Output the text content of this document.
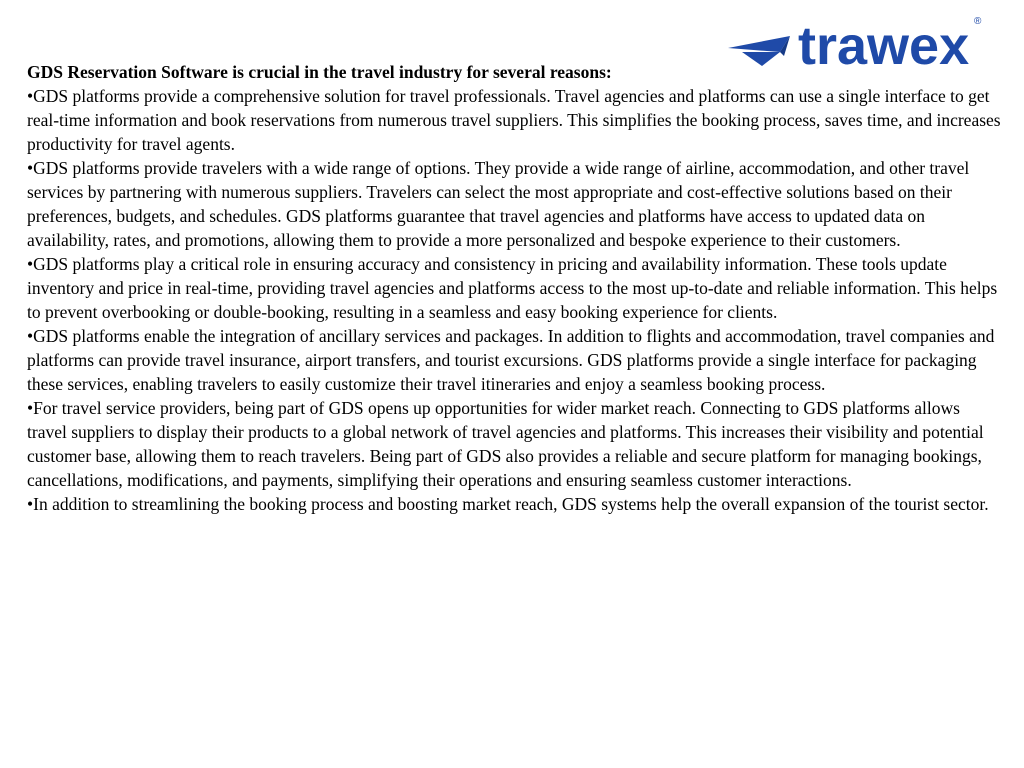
trawex ®

GDS Reservation Software is crucial in the travel industry for several reasons:

•GDS platforms provide a comprehensive solution for travel professionals. Travel agencies and platforms can use a single interface to get real-time information and book reservations from numerous travel suppliers. This simplifies the booking process, saves time, and increases productivity for travel agents.

•GDS platforms provide travelers with a wide range of options. They provide a wide range of airline, accommodation, and other travel services by partnering with numerous suppliers. Travelers can select the most appropriate and cost-effective solutions based on their preferences, budgets, and schedules. GDS platforms guarantee that travel agencies and platforms have access to updated data on availability, rates, and promotions, allowing them to provide a more personalized and bespoke experience to their customers.

•GDS platforms play a critical role in ensuring accuracy and consistency in pricing and availability information. These tools update inventory and price in real-time, providing travel agencies and platforms access to the most up-to-date and reliable information. This helps to prevent overbooking or double-booking, resulting in a seamless and easy booking experience for clients.

•GDS platforms enable the integration of ancillary services and packages. In addition to flights and accommodation, travel companies and platforms can provide travel insurance, airport transfers, and tourist excursions. GDS platforms provide a single interface for packaging these services, enabling travelers to easily customize their travel itineraries and enjoy a seamless booking process.

•For travel service providers, being part of GDS opens up opportunities for wider market reach. Connecting to GDS platforms allows travel suppliers to display their products to a global network of travel agencies and platforms. This increases their visibility and potential customer base, allowing them to reach travelers. Being part of GDS also provides a reliable and secure platform for managing bookings, cancellations, modifications, and payments, simplifying their operations and ensuring seamless customer interactions.

•In addition to streamlining the booking process and boosting market reach, GDS systems help the overall expansion of the tourist sector.
